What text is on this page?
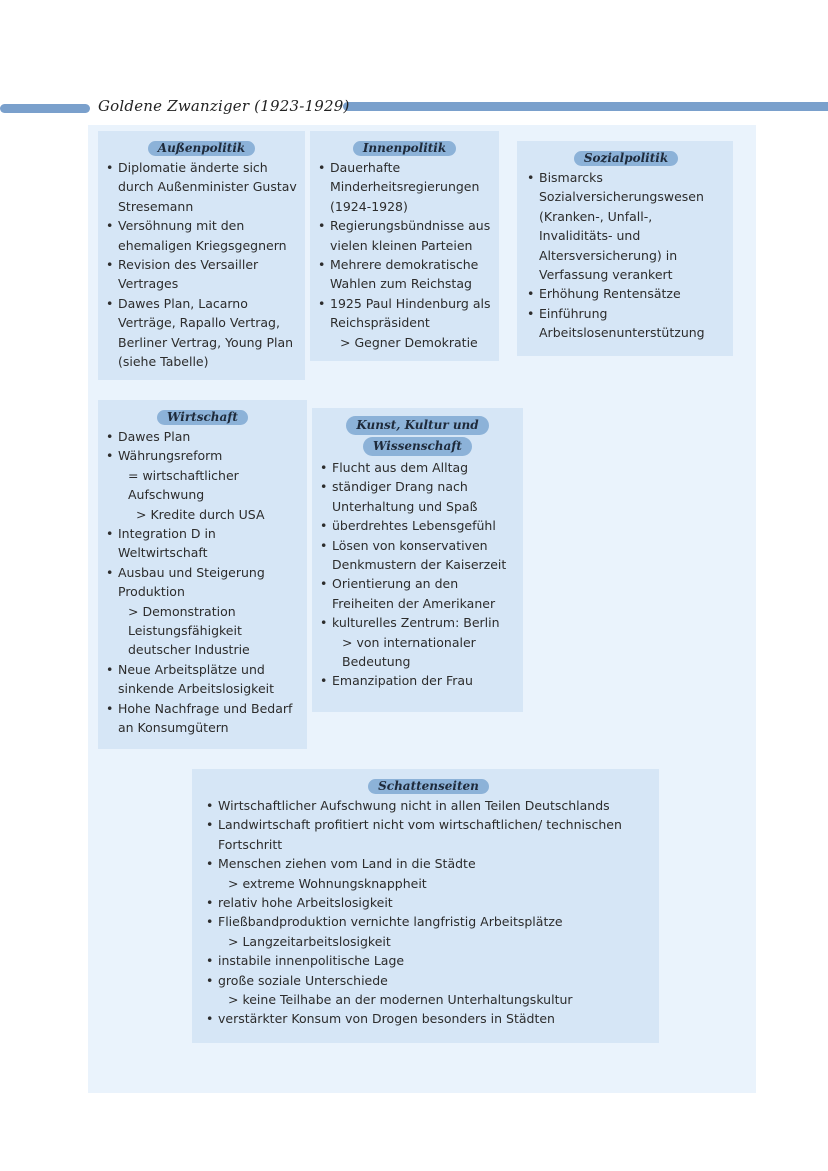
Goldene Zwanziger (1923-1929)
Außenpolitik
• Diplomatie änderte sich durch Außenminister Gustav Stresemann
• Versöhnung mit den ehemaligen Kriegsgegnern
• Revision des Versailler Vertrages
• Dawes Plan, Lacarno Verträge, Rapallo Vertrag, Berliner Vertrag, Young Plan (siehe Tabelle)
Innenpolitik
• Dauerhafte Minderheitsregierungen (1924-1928)
• Regierungsbündnisse aus vielen kleinen Parteien
• Mehrere demokratische Wahlen zum Reichstag
• 1925 Paul Hindenburg als Reichspräsident
> Gegner Demokratie
Sozialpolitik
• Bismarcks Sozialversicherungswesen (Kranken-, Unfall-, Invaliditäts- und Altersversicherung) in Verfassung verankert
• Erhöhung Rentensätze
• Einführung Arbeitslosenunterstützung
Wirtschaft
• Dawes Plan
• Währungsreform
= wirtschaftlicher Aufschwung
> Kredite durch USA
• Integration D in Weltwirtschaft
• Ausbau und Steigerung Produktion
> Demonstration Leistungsfähigkeit deutscher Industrie
• Neue Arbeitsplätze und sinkende Arbeitslosigkeit
• Hohe Nachfrage und Bedarf an Konsumgütern
Kunst, Kultur und
Wissenschaft
• Flucht aus dem Alltag
• ständiger Drang nach Unterhaltung und Spaß
• überdrehtes Lebensgefühl
• Lösen von konservativen Denkmustern der Kaiserzeit
• Orientierung an den Freiheiten der Amerikaner
• kulturelles Zentrum: Berlin
> von internationaler Bedeutung
• Emanzipation der Frau
Schattenseiten
• Wirtschaftlicher Aufschwung nicht in allen Teilen Deutschlands
• Landwirtschaft profitiert nicht vom wirtschaftlichen/ technischen Fortschritt
• Menschen ziehen vom Land in die Städte
> extreme Wohnungsknappheit
• relativ hohe Arbeitslosigkeit
• Fließbandproduktion vernichte langfristig Arbeitsplätze
> Langzeitarbeitslosigkeit
• instabile innenpolitische Lage
• große soziale Unterschiede
> keine Teilhabe an der modernen Unterhaltungskultur
• verstärkter Konsum von Drogen besonders in Städten
